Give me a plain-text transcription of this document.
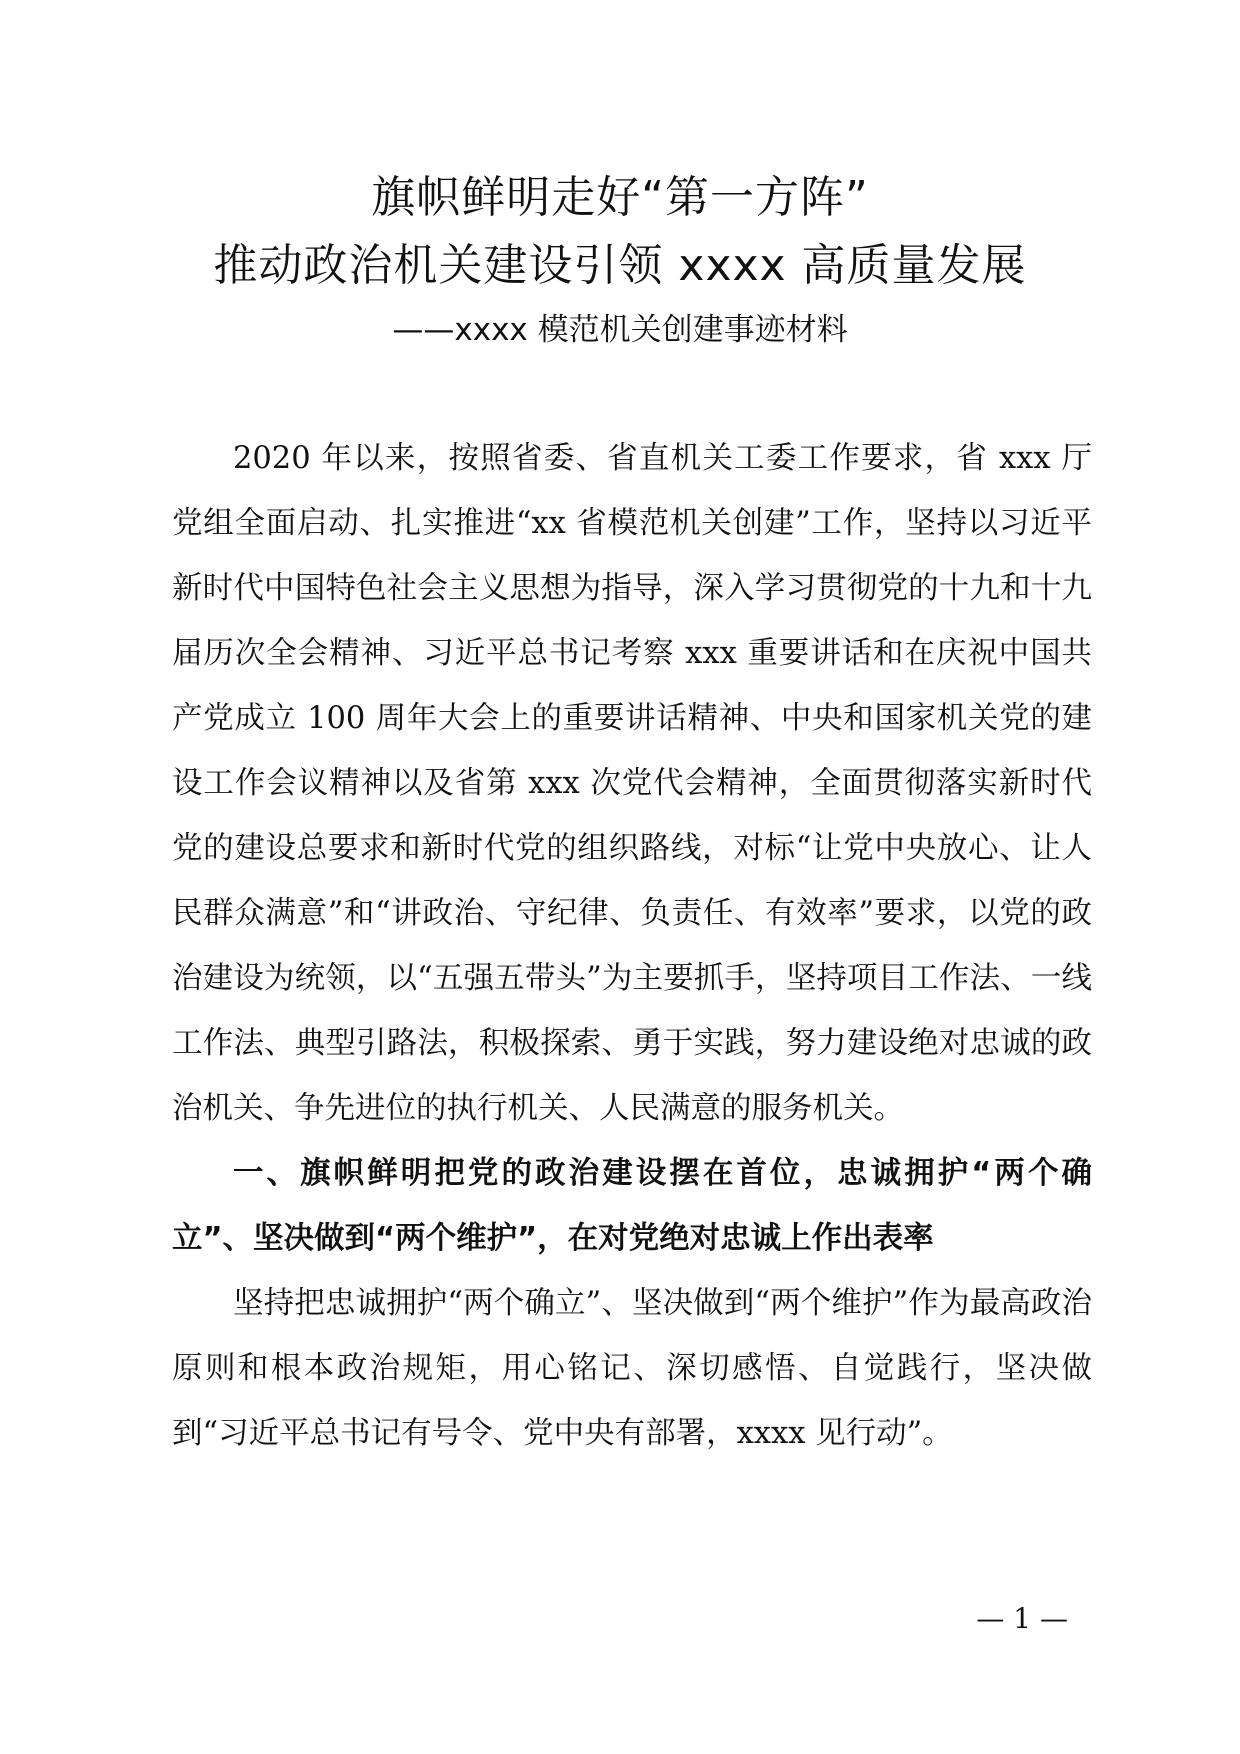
旗帜鲜明走好“第一方阵”
推动政治机关建设引领 xxxx 高质量发展
——xxxx 模范机关创建事迹材料

2020 年以来，按照省委、省直机关工委工作要求，省 xxx 厅党组全面启动、扎实推进“xx 省模范机关创建”工作，坚持以习近平新时代中国特色社会主义思想为指导，深入学习贯彻党的十九和十九届历次全会精神、习近平总书记考察 xxx 重要讲话和在庆祝中国共产党成立 100 周年大会上的重要讲话精神、中央和国家机关党的建设工作会议精神以及省第 xxx 次党代会精神，全面贯彻落实新时代党的建设总要求和新时代党的组织路线，对标“让党中央放心、让人民群众满意”和“讲政治、守纪律、负责任、有效率”要求，以党的政治建设为统领，以“五强五带头”为主要抓手，坚持项目工作法、一线工作法、典型引路法，积极探索、勇于实践，努力建设绝对忠诚的政治机关、争先进位的执行机关、人民满意的服务机关。

一、旗帜鲜明把党的政治建设摆在首位，忠诚拥护“两个确立”、坚决做到“两个维护”，在对党绝对忠诚上作出表率

坚持把忠诚拥护“两个确立”、坚决做到“两个维护”作为最高政治原则和根本政治规矩，用心铭记、深切感悟、自觉践行，坚决做到“习近平总书记有号令、党中央有部署，xxxx 见行动”。

— 1 —
